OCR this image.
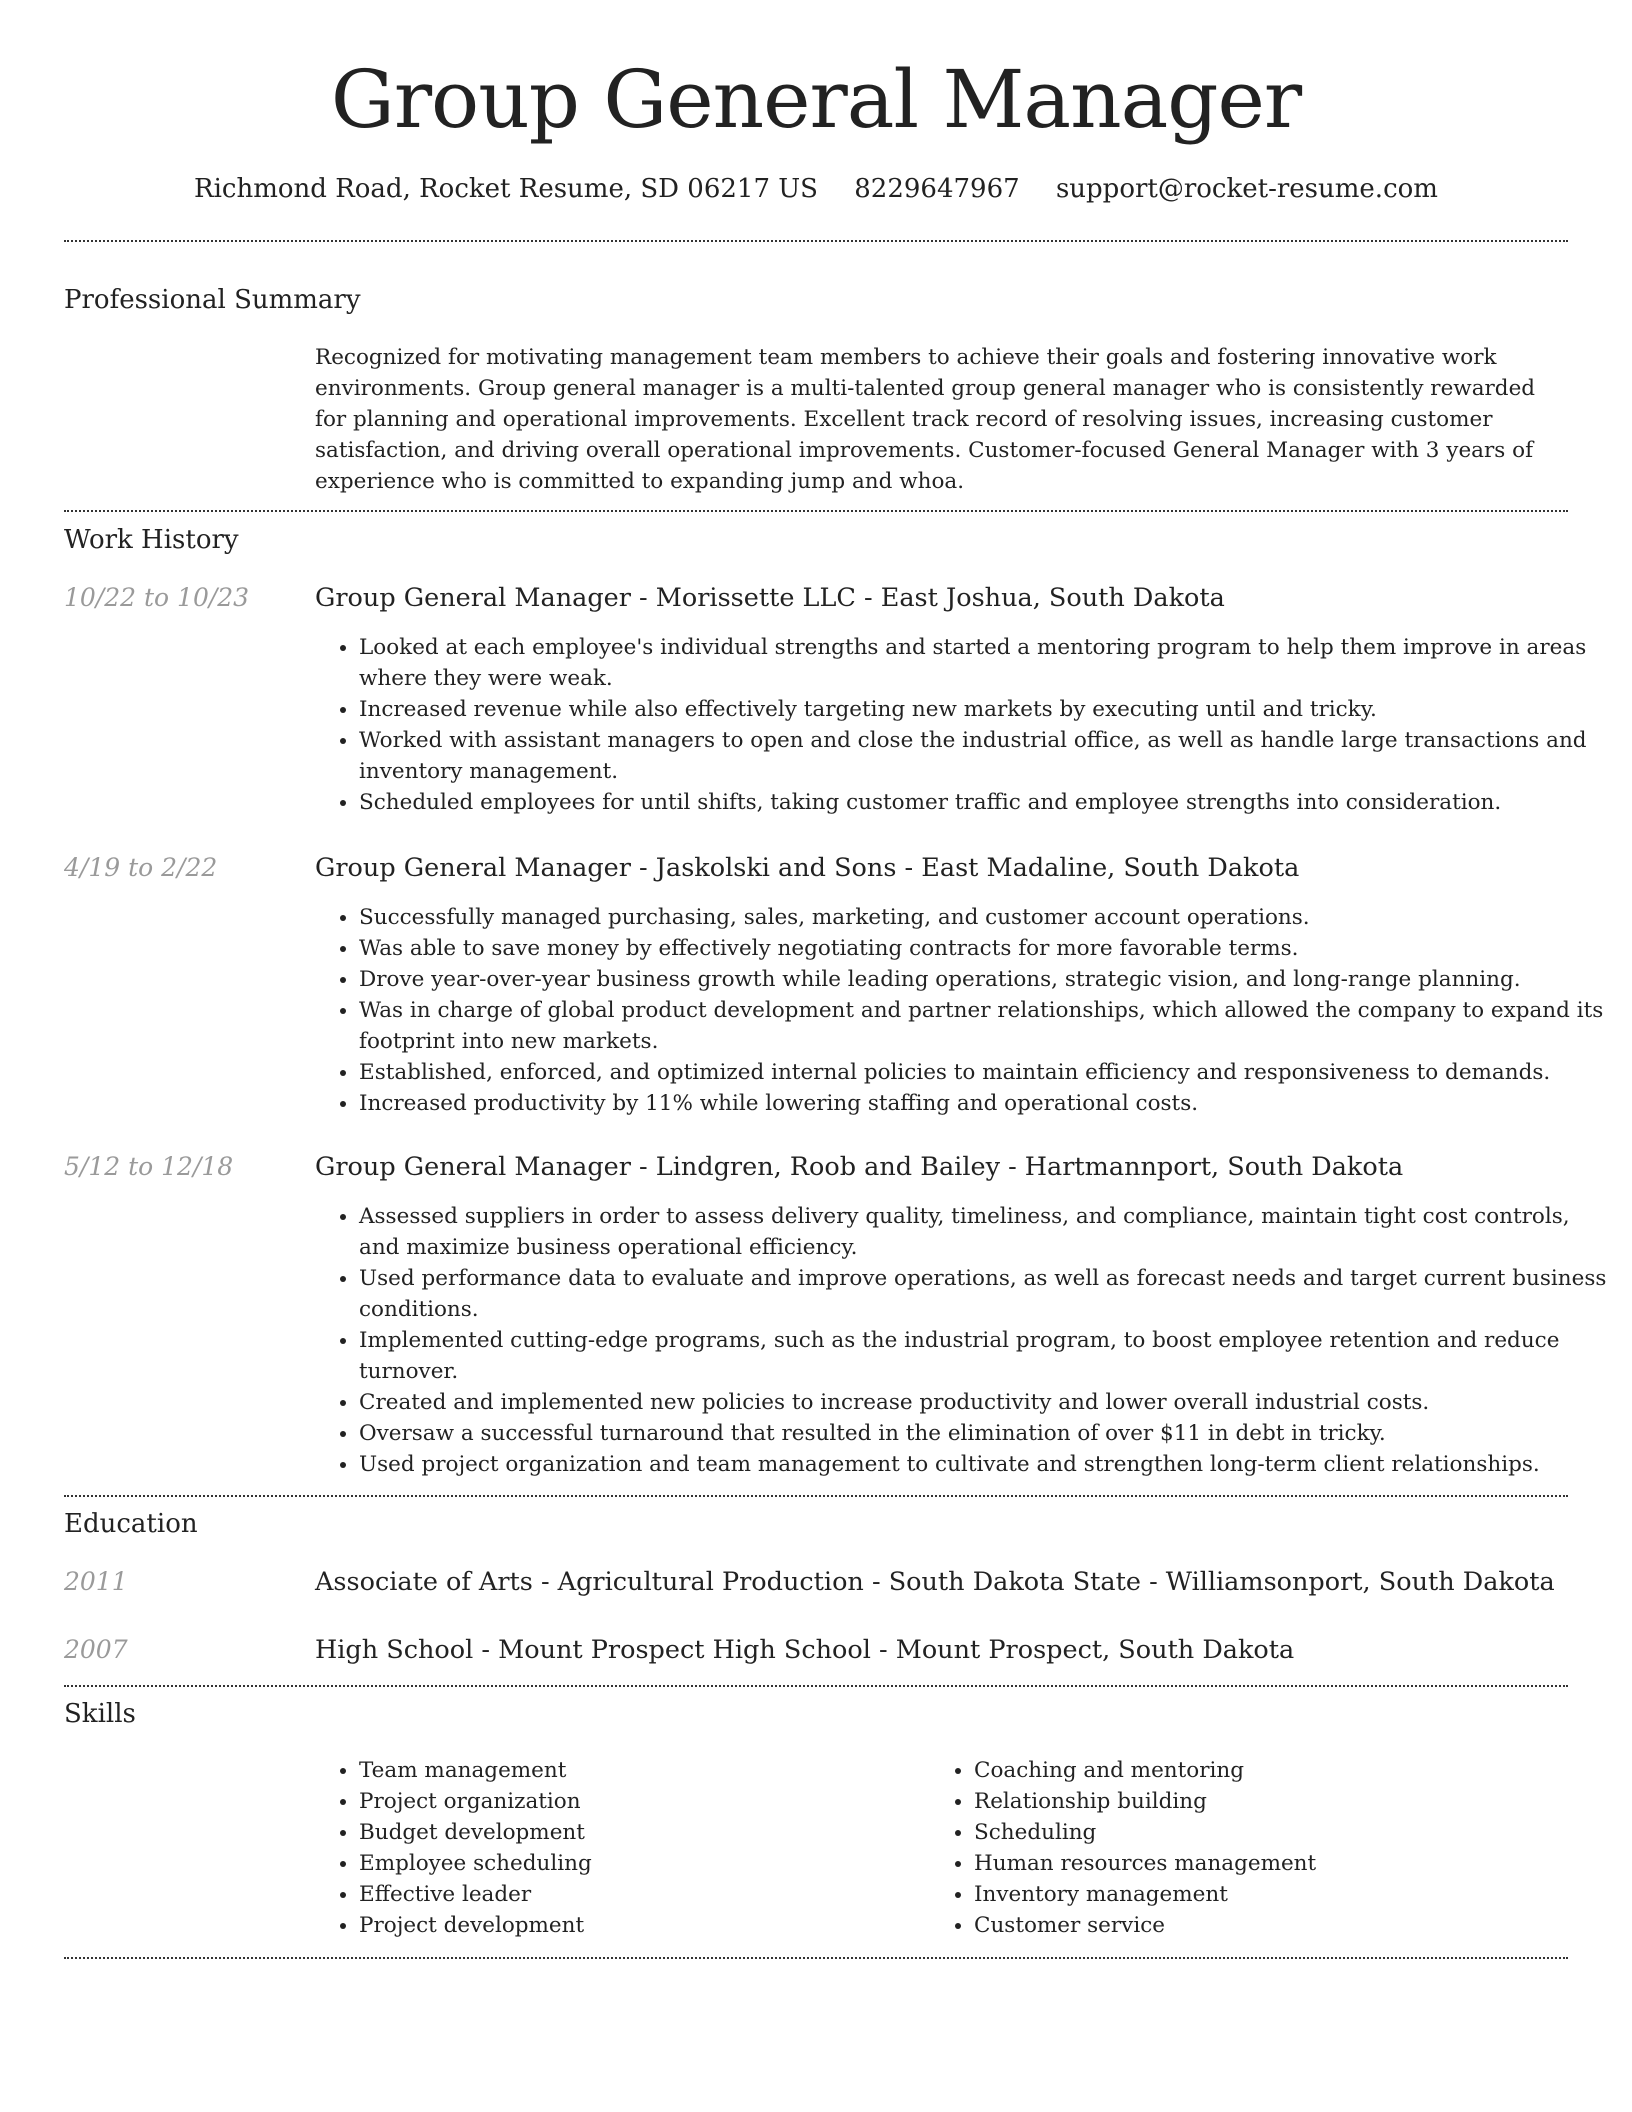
Group General Manager
Richmond Road, Rocket Resume, SD 06217 US 8229647967 support@rocket-resume.com
Professional Summary
Recognized for motivating management team members to achieve their goals and fostering innovative work environments. Group general manager is a multi-talented group general manager who is consistently rewarded for planning and operational improvements. Excellent track record of resolving issues, increasing customer satisfaction, and driving overall operational improvements. Customer-focused General Manager with 3 years of experience who is committed to expanding jump and whoa.
Work History
10/22 to 10/23	Group General Manager - Morissette LLC - East Joshua, South Dakota
• Looked at each employee's individual strengths and started a mentoring program to help them improve in areas where they were weak.
• Increased revenue while also effectively targeting new markets by executing until and tricky.
• Worked with assistant managers to open and close the industrial office, as well as handle large transactions and inventory management.
• Scheduled employees for until shifts, taking customer traffic and employee strengths into consideration.
4/19 to 2/22	Group General Manager - Jaskolski and Sons - East Madaline, South Dakota
• Successfully managed purchasing, sales, marketing, and customer account operations.
• Was able to save money by effectively negotiating contracts for more favorable terms.
• Drove year-over-year business growth while leading operations, strategic vision, and long-range planning.
• Was in charge of global product development and partner relationships, which allowed the company to expand its footprint into new markets.
• Established, enforced, and optimized internal policies to maintain efficiency and responsiveness to demands.
• Increased productivity by 11% while lowering staffing and operational costs.
5/12 to 12/18	Group General Manager - Lindgren, Roob and Bailey - Hartmannport, South Dakota
• Assessed suppliers in order to assess delivery quality, timeliness, and compliance, maintain tight cost controls, and maximize business operational efficiency.
• Used performance data to evaluate and improve operations, as well as forecast needs and target current business conditions.
• Implemented cutting-edge programs, such as the industrial program, to boost employee retention and reduce turnover.
• Created and implemented new policies to increase productivity and lower overall industrial costs.
• Oversaw a successful turnaround that resulted in the elimination of over $11 in debt in tricky.
• Used project organization and team management to cultivate and strengthen long-term client relationships.
Education
2011	Associate of Arts - Agricultural Production - South Dakota State - Williamsonport, South Dakota
2007	High School - Mount Prospect High School - Mount Prospect, South Dakota
Skills
• Team management
• Project organization
• Budget development
• Employee scheduling
• Effective leader
• Project development
• Coaching and mentoring
• Relationship building
• Scheduling
• Human resources management
• Inventory management
• Customer service
